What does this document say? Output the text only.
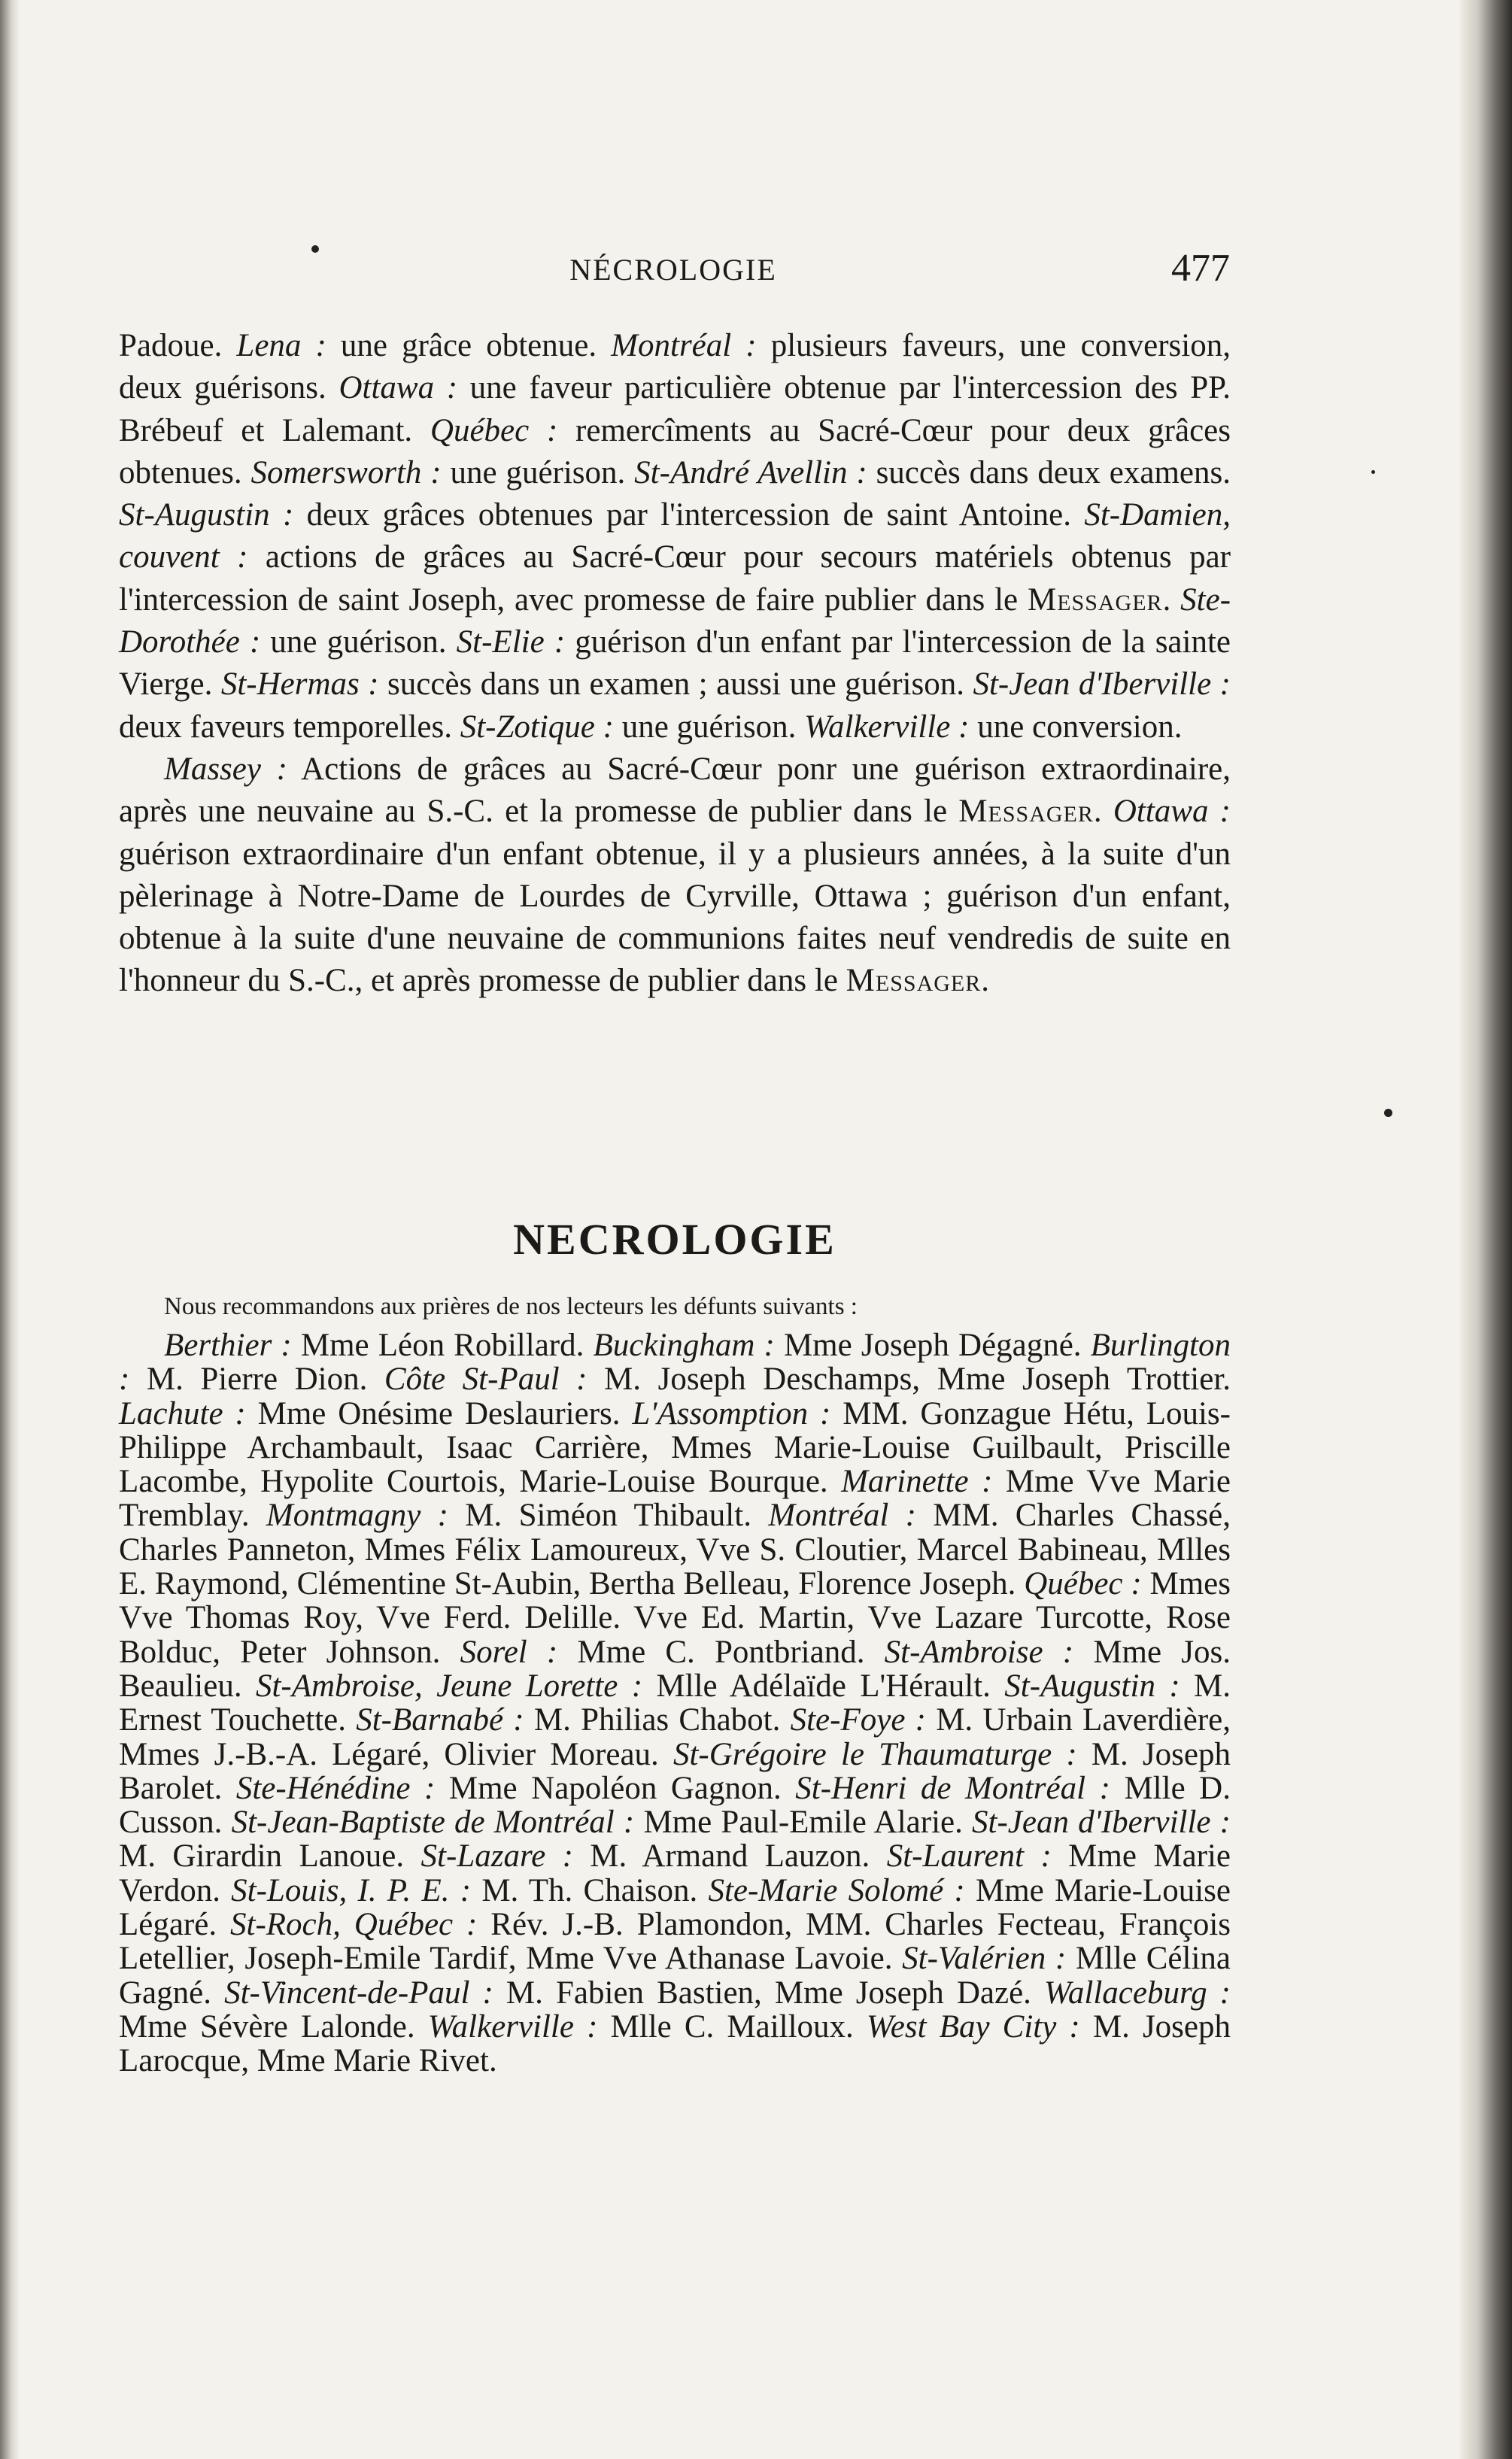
NÉCROLOGIE	477

Padoue. Lena : une grâce obtenue. Montréal : plusieurs faveurs, une conversion, deux guérisons. Ottawa : une faveur particulière obtenue par l'intercession des PP. Brébeuf et Lalemant. Québec : remercîments au Sacré-Cœur pour deux grâces obtenues. Somersworth : une guérison. St-André Avellin : succès dans deux examens. St-Augustin : deux grâces obtenues par l'intercession de saint Antoine. St-Damien, couvent : actions de grâces au Sacré-Cœur pour secours matériels obtenus par l'intercession de saint Joseph, avec promesse de faire publier dans le Messager. Ste-Dorothée : une guérison. St-Elie : guérison d'un enfant par l'intercession de la sainte Vierge. St-Hermas : succès dans un examen ; aussi une guérison. St-Jean d'Iberville : deux faveurs temporelles. St-Zotique : une guérison. Walkerville : une conversion.

Massey : Actions de grâces au Sacré-Cœur ponr une guérison extraordinaire, après une neuvaine au S.-C. et la promesse de publier dans le Messager. Ottawa : guérison extraordinaire d'un enfant obtenue, il y a plusieurs années, à la suite d'un pèlerinage à Notre-Dame de Lourdes de Cyrville, Ottawa ; guérison d'un enfant, obtenue à la suite d'une neuvaine de communions faites neuf vendredis de suite en l'honneur du S.-C., et après promesse de publier dans le Messager.

NECROLOGIE
Nous recommandons aux prières de nos lecteurs les défunts suivants :

Berthier : Mme Léon Robillard. Buckingham : Mme Joseph Dégagné. Burlington : M. Pierre Dion. Côte St-Paul : M. Joseph Deschamps, Mme Joseph Trottier. Lachute : Mme Onésime Deslauriers. L'Assomption : MM. Gonzague Hétu, Louis-Philippe Archambault, Isaac Carrière, Mmes Marie-Louise Guilbault, Priscille Lacombe, Hypolite Courtois, Marie-Louise Bourque. Marinette : Mme Vve Marie Tremblay. Montmagny : M. Siméon Thibault. Montréal : MM. Charles Chassé, Charles Panneton, Mmes Félix Lamoureux, Vve S. Cloutier, Marcel Babineau, Mlles E. Raymond, Clémentine St-Aubin, Bertha Belleau, Florence Joseph. Québec : Mmes Vve Thomas Roy, Vve Ferd. Delille. Vve Ed. Martin, Vve Lazare Turcotte, Rose Bolduc, Peter Johnson. Sorel : Mme C. Pontbriand. St-Ambroise : Mme Jos. Beaulieu. St-Ambroise, Jeune Lorette : Mlle Adélaïde L'Hérault. St-Augustin : M. Ernest Touchette. St-Barnabé : M. Philias Chabot. Ste-Foye : M. Urbain Laverdière, Mmes J.-B.-A. Légaré, Olivier Moreau. St-Grégoire le Thaumaturge : M. Joseph Barolet. Ste-Hénédine : Mme Napoléon Gagnon. St-Henri de Montréal : Mlle D. Cusson. St-Jean-Baptiste de Montréal : Mme Paul-Emile Alarie. St-Jean d'Iberville : M. Girardin Lanoue. St-Lazare : M. Armand Lauzon. St-Laurent : Mme Marie Verdon. St-Louis, I. P. E. : M. Th. Chaison. Ste-Marie Solomé : Mme Marie-Louise Légaré. St-Roch, Québec : Rév. J.-B. Plamondon, MM. Charles Fecteau, François Letellier, Joseph-Emile Tardif, Mme Vve Athanase Lavoie. St-Valérien : Mlle Célina Gagné. St-Vincent-de-Paul : M. Fabien Bastien, Mme Joseph Dazé. Wallaceburg : Mme Sévère Lalonde. Walkerville : Mlle C. Mailloux. West Bay City : M. Joseph Larocque, Mme Marie Rivet.
